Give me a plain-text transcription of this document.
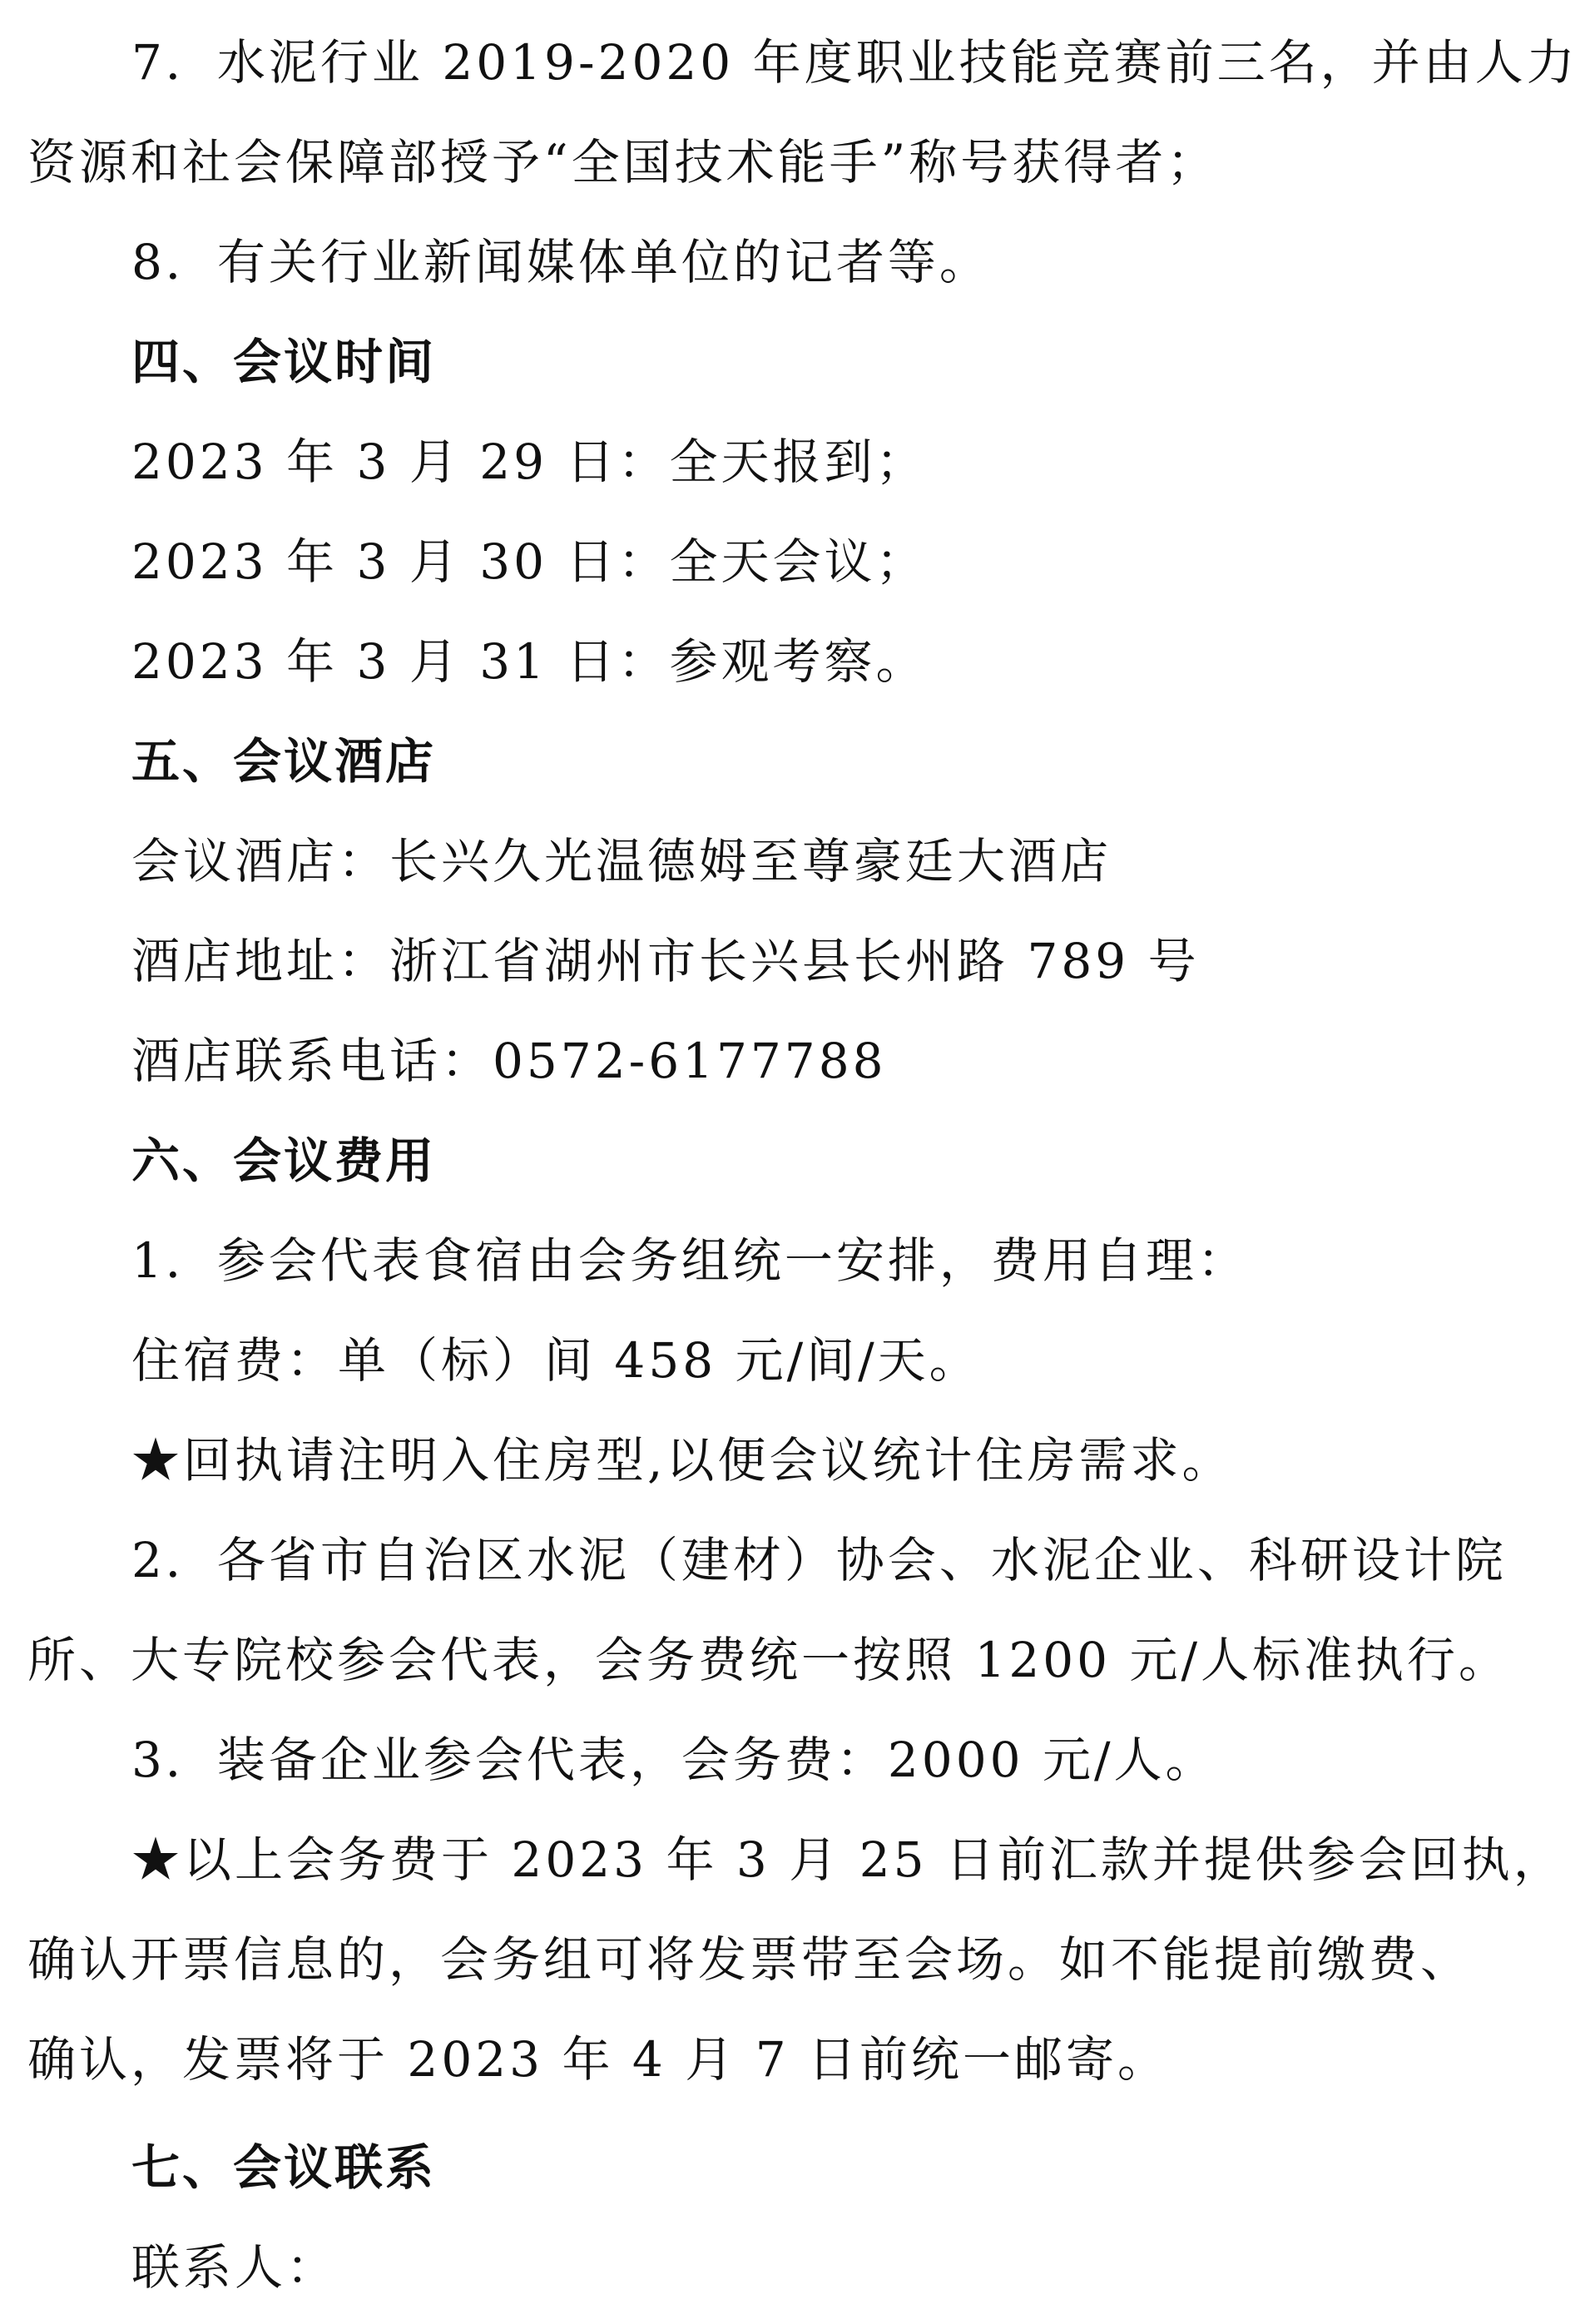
7．水泥行业 2019-2020 年度职业技能竞赛前三名，并由人力
资源和社会保障部授予“全国技术能手”称号获得者；
8．有关行业新闻媒体单位的记者等。
四、会议时间
2023 年 3 月 29 日：全天报到；
2023 年 3 月 30 日：全天会议；
2023 年 3 月 31 日：参观考察。
五、会议酒店
会议酒店：长兴久光温德姆至尊豪廷大酒店
酒店地址：浙江省湖州市长兴县长州路 789 号
酒店联系电话：0572-6177788
六、会议费用
1．参会代表食宿由会务组统一安排，费用自理：
住宿费：单（标）间 458 元/间/天。
★回执请注明入住房型,以便会议统计住房需求。
2．各省市自治区水泥（建材）协会、水泥企业、科研设计院
所、大专院校参会代表，会务费统一按照 1200 元/人标准执行。
3．装备企业参会代表，会务费：2000 元/人。
★以上会务费于 2023 年 3 月 25 日前汇款并提供参会回执，
确认开票信息的，会务组可将发票带至会场。如不能提前缴费、
确认，发票将于 2023 年 4 月 7 日前统一邮寄。
七、会议联系
联系人：
